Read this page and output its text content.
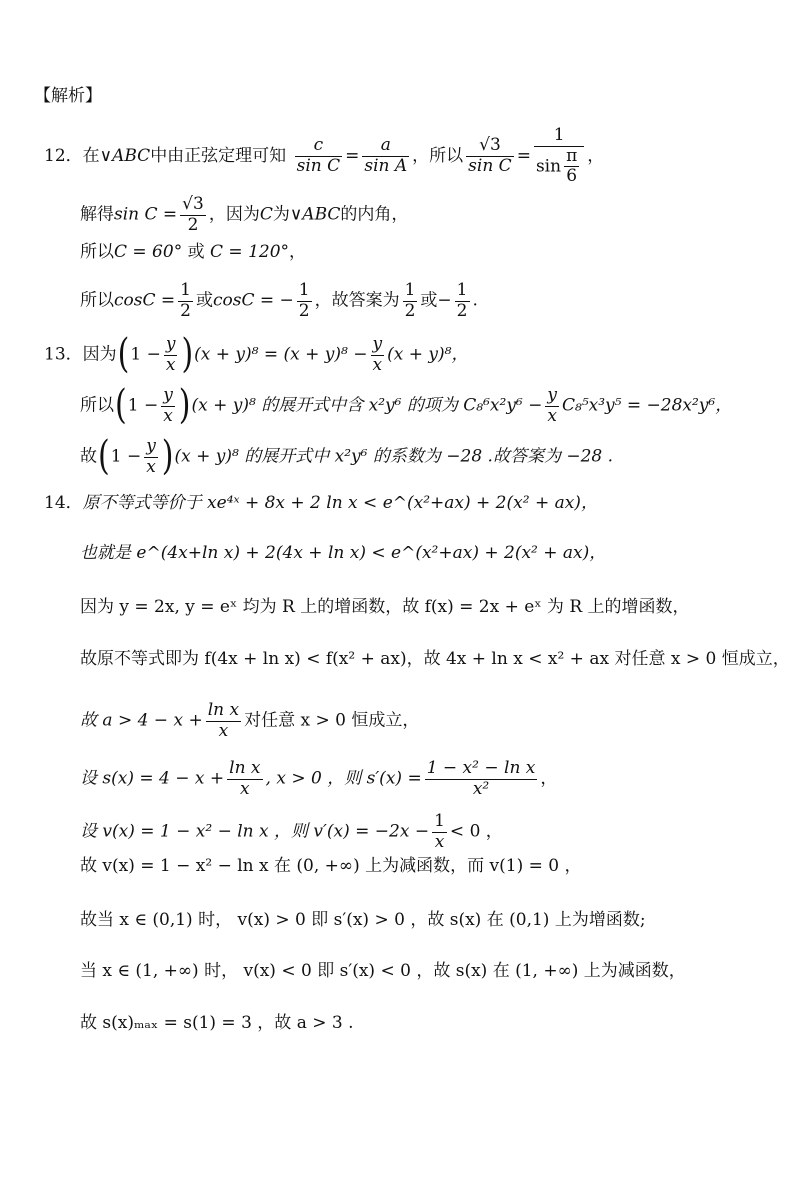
【解析】
12．在∨ABC中由正弦定理可知 $\frac{c}{\text{sin C}} = \frac{a}{\text{sin A}}$ ，所以 $\frac{√3}{\text{sin C}} = \frac{1}{\sin \frac{\pi}{6}}$ ，
解得$\sin C = \frac{√3}{2}$ ，因为C为∨ABC的内角，
所以C = 60° 或 C = 120°，
所以$\cos C = \frac{1}{2}$ 或cosC = − $\frac{1}{2}$ ，故答案为 $\frac{1}{2}$ 或− $\frac{1}{2}$ .
13．因为$(1 - \frac{y}{x} )(x + y)^8 = (x + y)^8 - \frac{y}{x} (x + y)^8$，
所以$(1 - \frac{y}{x} )(x + y)^8$ 的展开式中含 x²y⁶ 的项为 $C_8^6x^2y^6 - \frac{y}{x} C_8^5x^3y^5 = -28x^2y^6$，
故$(1 - \frac{y}{x} )(x + y)^8$ 的展开式中 x²y⁶ 的系数为 −28 .故答案为 −28 .
14．原不等式等价于 xe⁴ˣ + 8x + 2 ln x < e^(x²+ax) + 2(x² + ax)，
也就是 e^(4x+ln x) + 2(4x + ln x) < e^(x²+ax) + 2(x² + ax)，
因为 y = 2x, y = eˣ 均为 R 上的增函数，故 f(x) = 2x + eˣ 为 R 上的增函数，
故原不等式即为 f(4x + ln x) < f(x² + ax)，故 4x + ln x < x² + ax 对任意 x > 0 恒成立，
故 $a > 4 - x + \frac{\text{ln x}}{x}$ 对任意 x > 0 恒成立，
设 $s(x) = 4 - x + \frac{\text{ln x}}{x}$ , x > 0 ，则 $s'(x) = \frac{\text{1 − x² − ln x}}{\text{x²}}$ ，
设 v(x) = 1 − x² − ln x ，则 $v'(x) = -2x - \frac{1}{x} < 0$ ，
故 v(x) = 1 − x² − ln x 在 (0, +∞) 上为减函数，而 v(1) = 0 ，
故当 x ∈ (0,1) 时， v(x) > 0 即 s′(x) > 0 ，故 s(x) 在 (0,1) 上为增函数;
当 x ∈ (1, +∞) 时， v(x) < 0 即 s′(x) < 0 ，故 s(x) 在 (1, +∞) 上为减函数，
故 s(x)ₘₐₓ = s(1) = 3 ，故 a > 3 .
